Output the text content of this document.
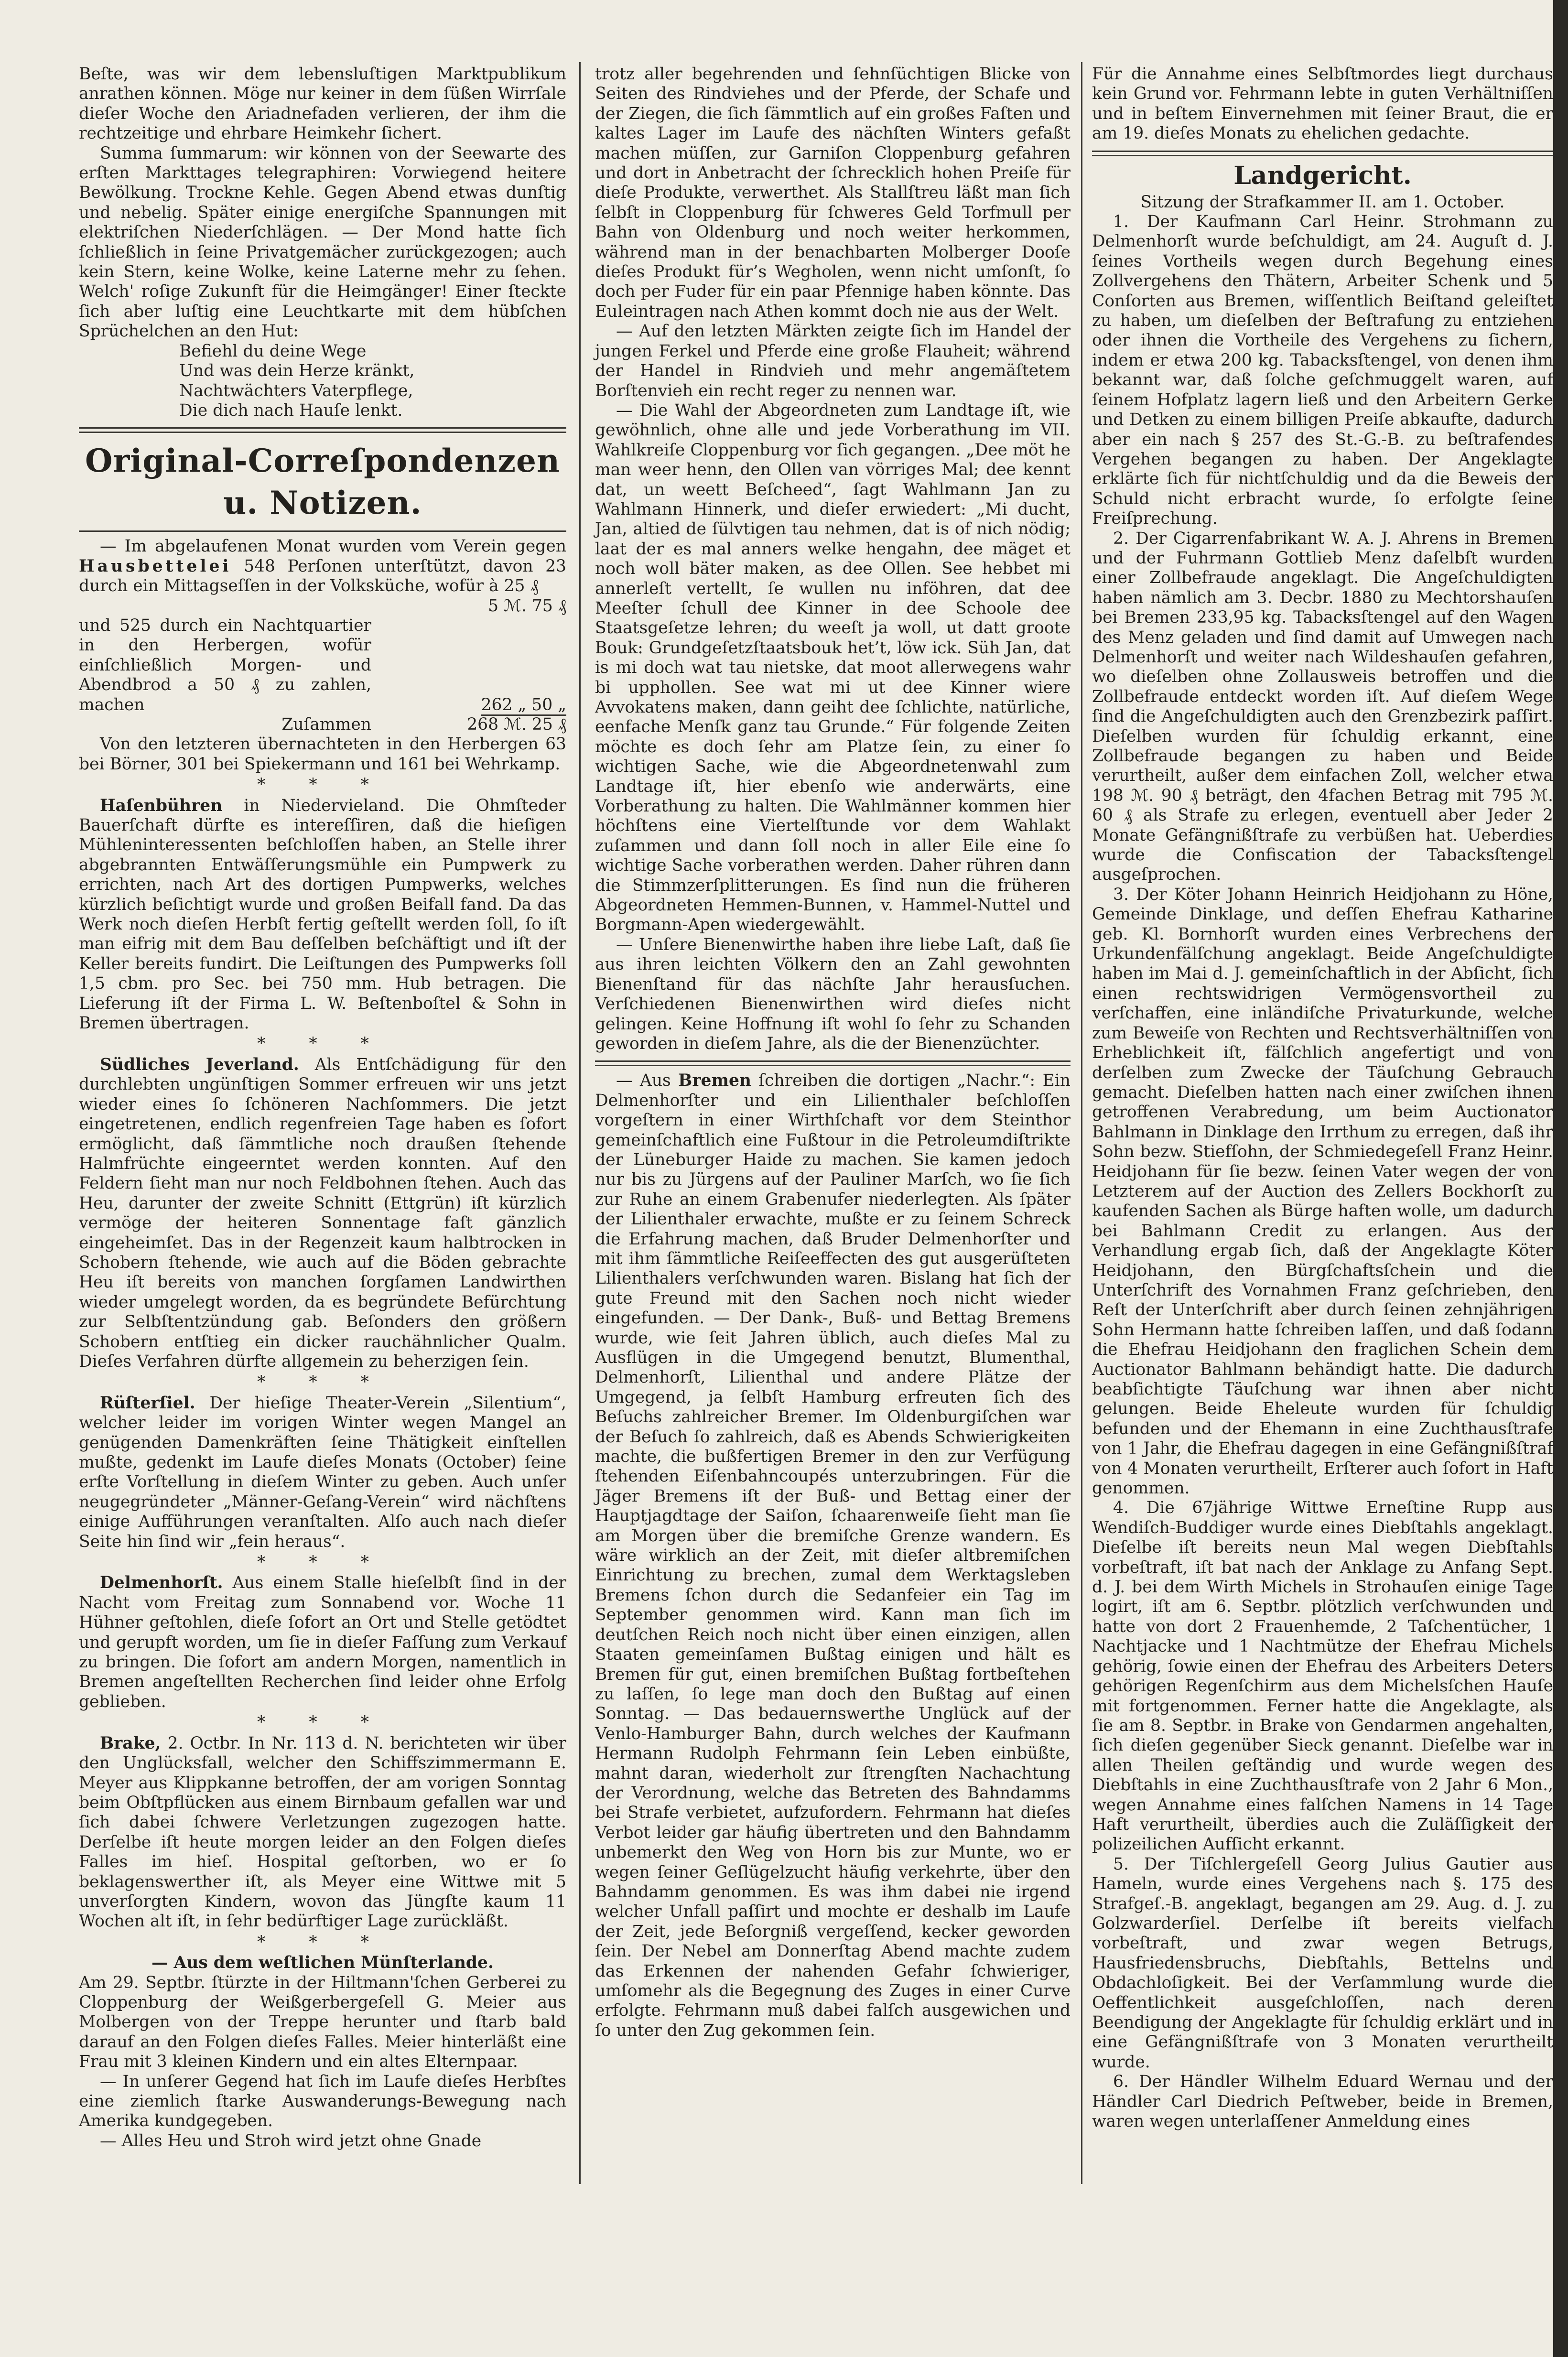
Beſte, was wir dem lebensluſtigen Marktpublikum anrathen können. Möge nur keiner in dem ſüßen Wirrſale dieſer Woche den Ariadnefaden verlieren, der ihm die rechtzeitige und ehrbare Heimkehr ſichert.

Summa ſummarum: wir können von der Seewarte des erſten Markttages telegraphiren: Vorwiegend heitere Bewölkung. Trockne Kehle. Gegen Abend etwas dunſtig und nebelig. Später einige energiſche Spannungen mit elektriſchen Niederſchlägen. — Der Mond hatte ſich ſchließlich in ſeine Privatgemächer zurückgezogen; auch kein Stern, keine Wolke, keine Laterne mehr zu ſehen. Welch' roſige Zukunft für die Heimgänger! Einer ſteckte ſich aber luſtig eine Leuchtkarte mit dem hübſchen Sprüchelchen an den Hut:

Befiehl du deine Wege
Und was dein Herze kränkt,
Nachtwächters Vaterpflege,
Die dich nach Hauſe lenkt.
Original-Correſpondenzen u. Notizen.

— Im abgelaufenen Monat wurden vom Verein gegen Hausbettelei 548 Perſonen unterſtützt, davon 23 durch ein Mittagseſſen in der Volksküche, wofür à 25 ₰

	5 ℳ. 75 ₰
und 525 durch ein Nachtquartier in den Herbergen, wofür einſchließlich Morgen- und Abendbrod a 50 ₰ zu zahlen, machen	262 „ 50 „
Zuſammen	268 ℳ. 25 ₰

Von den letzteren übernachteten in den Herbergen 63 bei Börner, 301 bei Spiekermann und 161 bei Wehrkamp.

* * *

Haſenbühren in Niedervieland. Die Ohmſteder Bauerſchaft dürfte es intereſſiren, daß die hieſigen Mühleninteressenten beſchloſſen haben, an Stelle ihrer abgebrannten Entwäſſerungsmühle ein Pumpwerk zu errichten, nach Art des dortigen Pumpwerks, welches kürzlich beſichtigt wurde und großen Beifall fand. Da das Werk noch dieſen Herbſt fertig geſtellt werden ſoll, ſo iſt man eifrig mit dem Bau deſſelben beſchäftigt und iſt der Keller bereits fundirt. Die Leiſtungen des Pumpwerks ſoll 1,5 cbm. pro Sec. bei 750 mm. Hub betragen. Die Lieferung iſt der Firma L. W. Beſtenboſtel & Sohn in Bremen übertragen.

* * *

Südliches Jeverland. Als Entſchädigung für den durchlebten ungünſtigen Sommer erfreuen wir uns jetzt wieder eines ſo ſchöneren Nachſommers. Die jetzt eingetretenen, endlich regenfreien Tage haben es ſofort ermöglicht, daß ſämmtliche noch draußen ſtehende Halmfrüchte eingeerntet werden konnten. Auf den Feldern ſieht man nur noch Feldbohnen ſtehen. Auch das Heu, darunter der zweite Schnitt (Ettgrün) iſt kürzlich vermöge der heiteren Sonnentage faſt gänzlich eingeheimſet. Das in der Regenzeit kaum halbtrocken in Schobern ſtehende, wie auch auf die Böden gebrachte Heu iſt bereits von manchen ſorgſamen Landwirthen wieder umgelegt worden, da es begründete Befürchtung zur Selbſtentzündung gab. Beſonders den größern Schobern entſtieg ein dicker rauchähnlicher Qualm. Dieſes Verfahren dürfte allgemein zu beherzigen ſein.

* * *

Rüſterſiel. Der hieſige Theater-Verein „Silentium“, welcher leider im vorigen Winter wegen Mangel an genügenden Damenkräften ſeine Thätigkeit einſtellen mußte, gedenkt im Laufe dieſes Monats (October) ſeine erſte Vorſtellung in dieſem Winter zu geben. Auch unſer neugegründeter „Männer-Geſang-Verein“ wird nächſtens einige Aufführungen veranſtalten. Alſo auch nach dieſer Seite hin ſind wir „fein heraus“.

* * *

Delmenhorſt. Aus einem Stalle hieſelbſt ſind in der Nacht vom Freitag zum Sonnabend vor. Woche 11 Hühner geſtohlen, dieſe ſofort an Ort und Stelle getödtet und gerupft worden, um ſie in dieſer Faſſung zum Verkauf zu bringen. Die ſofort am andern Morgen, namentlich in Bremen angeſtellten Recherchen ſind leider ohne Erfolg geblieben.

* * *

Brake, 2. Octbr. In Nr. 113 d. N. berichteten wir über den Unglücksfall, welcher den Schiffszimmermann E. Meyer aus Klippkanne betroffen, der am vorigen Sonntag beim Obſtpflücken aus einem Birnbaum gefallen war und ſich dabei ſchwere Verletzungen zugezogen hatte. Derſelbe iſt heute morgen leider an den Folgen dieſes Falles im hieſ. Hospital geſtorben, wo er ſo beklagenswerther iſt, als Meyer eine Wittwe mit 5 unverſorgten Kindern, wovon das Jüngſte kaum 11 Wochen alt iſt, in ſehr bedürftiger Lage zurückläßt.

* * *
— Aus dem weſtlichen Münſterlande.

Am 29. Septbr. ſtürzte in der Hiltmann'ſchen Gerberei zu Cloppenburg der Weißgerbergeſell G. Meier aus Molbergen von der Treppe herunter und ſtarb bald darauf an den Folgen dieſes Falles. Meier hinterläßt eine Frau mit 3 kleinen Kindern und ein altes Elternpaar.

— In unſerer Gegend hat ſich im Laufe dieſes Herbſtes eine ziemlich ſtarke Auswanderungs-Bewegung nach Amerika kundgegeben.

— Alles Heu und Stroh wird jetzt ohne Gnade

trotz aller begehrenden und ſehnſüchtigen Blicke von Seiten des Rindviehes und der Pferde, der Schafe und der Ziegen, die ſich ſämmtlich auf ein großes Faſten und kaltes Lager im Laufe des nächſten Winters gefaßt machen müſſen, zur Garniſon Cloppenburg gefahren und dort in Anbetracht der ſchrecklich hohen Preiſe für dieſe Produkte, verwerthet. Als Stallſtreu läßt man ſich ſelbſt in Cloppenburg für ſchweres Geld Torfmull per Bahn von Oldenburg und noch weiter herkommen, während man in der benachbarten Molberger Dooſe dieſes Produkt für’s Wegholen, wenn nicht umſonſt, ſo doch per Fuder für ein paar Pfennige haben könnte. Das Euleintragen nach Athen kommt doch nie aus der Welt.

— Auf den letzten Märkten zeigte ſich im Handel der jungen Ferkel und Pferde eine große Flauheit; während der Handel in Rindvieh und mehr angemäſtetem Borſtenvieh ein recht reger zu nennen war.

— Die Wahl der Abgeordneten zum Landtage iſt, wie gewöhnlich, ohne alle und jede Vorberathung im VII. Wahlkreiſe Cloppenburg vor ſich gegangen. „Dee möt he man weer henn, den Ollen van vörriges Mal; dee kennt dat, un weett Beſcheed“, ſagt Wahlmann Jan zu Wahlmann Hinnerk, und dieſer erwiedert: „Mi ducht, Jan, altied de ſülvtigen tau nehmen, dat is of nich nödig; laat der es mal anners welke hengahn, dee mäget et noch woll bäter maken, as dee Ollen. See hebbet mi annerleſt vertellt, ſe wullen nu inföhren, dat dee Meeſter ſchull dee Kinner in dee Schoole dee Staatsgeſetze lehren; du weeſt ja woll, ut datt groote Bouk: Grundgeſetzſtaatsbouk het’t, löw ick. Süh Jan, dat is mi doch wat tau nietske, dat moot allerwegens wahr bi upphollen. See wat mi ut dee Kinner wiere Avvokatens maken, dann geiht dee ſchlichte, natürliche, eenfache Menſk ganz tau Grunde.“ Für folgende Zeiten möchte es doch ſehr am Platze ſein, zu einer ſo wichtigen Sache, wie die Abgeordnetenwahl zum Landtage iſt, hier ebenſo wie anderwärts, eine Vorberathung zu halten. Die Wahlmänner kommen hier höchſtens eine Viertelſtunde vor dem Wahlakt zuſammen und dann ſoll noch in aller Eile eine ſo wichtige Sache vorberathen werden. Daher rühren dann die Stimmzerſplitterungen. Es ſind nun die früheren Abgeordneten Hemmen-Bunnen, v. Hammel-Nuttel und Borgmann-Apen wiedergewählt.

— Unſere Bienenwirthe haben ihre liebe Laſt, daß ſie aus ihren leichten Völkern den an Zahl gewohnten Bienenſtand für das nächſte Jahr herausſuchen. Verſchiedenen Bienenwirthen wird dieſes nicht gelingen. Keine Hoffnung iſt wohl ſo ſehr zu Schanden geworden in dieſem Jahre, als die der Bienenzüchter.

— Aus Bremen ſchreiben die dortigen „Nachr.“: Ein Delmenhorſter und ein Lilienthaler beſchloſſen vorgeſtern in einer Wirthſchaft vor dem Steinthor gemeinſchaftlich eine Fußtour in die Petroleumdiſtrikte der Lüneburger Haide zu machen. Sie kamen jedoch nur bis zu Jürgens auf der Pauliner Marſch, wo ſie ſich zur Ruhe an einem Grabenufer niederlegten. Als ſpäter der Lilienthaler erwachte, mußte er zu ſeinem Schreck die Erfahrung machen, daß Bruder Delmenhorſter und mit ihm ſämmtliche Reiſeeffecten des gut ausgerüſteten Lilienthalers verſchwunden waren. Bislang hat ſich der gute Freund mit den Sachen noch nicht wieder eingefunden. — Der Dank-, Buß- und Bettag Bremens wurde, wie ſeit Jahren üblich, auch dieſes Mal zu Ausflügen in die Umgegend benutzt, Blumenthal, Delmenhorſt, Lilienthal und andere Plätze der Umgegend, ja ſelbſt Hamburg erfreuten ſich des Beſuchs zahlreicher Bremer. Im Oldenburgiſchen war der Beſuch ſo zahlreich, daß es Abends Schwierigkeiten machte, die bußfertigen Bremer in den zur Verfügung ſtehenden Eiſenbahncoupés unterzubringen. Für die Jäger Bremens iſt der Buß- und Bettag einer der Hauptjagdtage der Saiſon, ſchaarenweiſe ſieht man ſie am Morgen über die bremiſche Grenze wandern. Es wäre wirklich an der Zeit, mit dieſer altbremiſchen Einrichtung zu brechen, zumal dem Werktagsleben Bremens ſchon durch die Sedanfeier ein Tag im September genommen wird. Kann man ſich im deutſchen Reich noch nicht über einen einzigen, allen Staaten gemeinſamen Bußtag einigen und hält es Bremen für gut, einen bremiſchen Bußtag fortbeſtehen zu laſſen, ſo lege man doch den Bußtag auf einen Sonntag. — Das bedauernswerthe Unglück auf der Venlo-Hamburger Bahn, durch welches der Kaufmann Hermann Rudolph Fehrmann ſein Leben einbüßte, mahnt daran, wiederholt zur ſtrengſten Nachachtung der Verordnung, welche das Betreten des Bahndamms bei Strafe verbietet, aufzufordern. Fehrmann hat dieſes Verbot leider gar häufig übertreten und den Bahndamm unbemerkt den Weg von Horn bis zur Munte, wo er wegen ſeiner Geſlügelzucht häufig verkehrte, über den Bahndamm genommen. Es was ihm dabei nie irgend welcher Unfall paſſirt und mochte er deshalb im Laufe der Zeit, jede Beſorgniß vergeſſend, kecker geworden ſein. Der Nebel am Donnerſtag Abend machte zudem das Erkennen der nahenden Gefahr ſchwieriger, umſomehr als die Begegnung des Zuges in einer Curve erfolgte. Fehrmann muß dabei falſch ausgewichen und ſo unter den Zug gekommen ſein.

Für die Annahme eines Selbſtmordes liegt durchaus kein Grund vor. Fehrmann lebte in guten Verhältniſſen und in beſtem Einvernehmen mit ſeiner Braut, die er am 19. dieſes Monats zu ehelichen gedachte.

Landgericht.
Sitzung der Strafkammer II. am 1. October.

1. Der Kaufmann Carl Heinr. Strohmann zu Delmenhorſt wurde beſchuldigt, am 24. Auguſt d. J. ſeines Vortheils wegen durch Begehung eines Zollvergehens den Thätern, Arbeiter Schenk und 5 Conſorten aus Bremen, wiſſentlich Beiſtand geleiſtet zu haben, um dieſelben der Beſtrafung zu entziehen oder ihnen die Vortheile des Vergehens zu ſichern, indem er etwa 200 kg. Tabacksſtengel, von denen ihm bekannt war, daß ſolche geſchmuggelt waren, auf ſeinem Hofplatz lagern ließ und den Arbeitern Gerke und Detken zu einem billigen Preiſe abkaufte, dadurch aber ein nach § 257 des St.-G.-B. zu beſtrafendes Vergehen begangen zu haben. Der Angeklagte erklärte ſich für nichtſchuldig und da die Beweis der Schuld nicht erbracht wurde, ſo erfolgte ſeine Freiſprechung.

2. Der Cigarrenfabrikant W. A. J. Ahrens in Bremen und der Fuhrmann Gottlieb Menz daſelbſt wurden einer Zollbefraude angeklagt. Die Angeſchuldigten haben nämlich am 3. Decbr. 1880 zu Mechtorshauſen bei Bremen 233,95 kg. Tabacksſtengel auf den Wagen des Menz geladen und ſind damit auf Umwegen nach Delmenhorſt und weiter nach Wildeshauſen gefahren, wo dieſelben ohne Zollausweis betroffen und die Zollbefraude entdeckt worden iſt. Auf dieſem Wege ſind die Angeſchuldigten auch den Grenzbezirk paſſirt. Dieſelben wurden für ſchuldig erkannt, eine Zollbefraude begangen zu haben und Beide verurtheilt, außer dem einfachen Zoll, welcher etwa 198 ℳ. 90 ₰ beträgt, den 4fachen Betrag mit 795 ℳ. 60 ₰ als Strafe zu erlegen, eventuell aber Jeder 2 Monate Gefängnißſtrafe zu verbüßen hat. Ueberdies wurde die Confiscation der Tabacksſtengel ausgeſprochen.

3. Der Köter Johann Heinrich Heidjohann zu Höne, Gemeinde Dinklage, und deſſen Ehefrau Katharine geb. Kl. Bornhorſt wurden eines Verbrechens der Urkundenfälſchung angeklagt. Beide Angeſchuldigte haben im Mai d. J. gemeinſchaftlich in der Abſicht, ſich einen rechtswidrigen Vermögensvortheil zu verſchaffen, eine inländiſche Privaturkunde, welche zum Beweiſe von Rechten und Rechtsverhältniſſen von Erheblichkeit iſt, fälſchlich angefertigt und von derſelben zum Zwecke der Täuſchung Gebrauch gemacht. Dieſelben hatten nach einer zwiſchen ihnen getroffenen Verabredung, um beim Auctionator Bahlmann in Dinklage den Irrthum zu erregen, daß ihr Sohn bezw. Stiefſohn, der Schmiedegeſell Franz Heinr. Heidjohann für ſie bezw. ſeinen Vater wegen der von Letzterem auf der Auction des Zellers Bockhorſt zu kaufenden Sachen als Bürge haften wolle, um dadurch bei Bahlmann Credit zu erlangen. Aus der Verhandlung ergab ſich, daß der Angeklagte Köter Heidjohann, den Bürgſchaftsſchein und die Unterſchrift des Vornahmen Franz geſchrieben, den Reſt der Unterſchrift aber durch ſeinen zehnjährigen Sohn Hermann hatte ſchreiben laſſen, und daß ſodann die Ehefrau Heidjohann den fraglichen Schein dem Auctionator Bahlmann behändigt hatte. Die dadurch beabſichtigte Täuſchung war ihnen aber nicht gelungen. Beide Eheleute wurden für ſchuldig befunden und der Ehemann in eine Zuchthausſtrafe von 1 Jahr, die Ehefrau dagegen in eine Gefängnißſtraf von 4 Monaten verurtheilt, Erſterer auch ſofort in Haft genommen.

4. Die 67jährige Wittwe Erneſtine Rupp aus Wendiſch-Buddiger wurde eines Diebſtahls angeklagt. Dieſelbe iſt bereits neun Mal wegen Diebſtahls vorbeſtraft, iſt bat nach der Anklage zu Anfang Sept. d. J. bei dem Wirth Michels in Strohauſen einige Tage logirt, iſt am 6. Septbr. plötzlich verſchwunden und hatte von dort 2 Frauenhemde, 2 Taſchentücher, 1 Nachtjacke und 1 Nachtmütze der Ehefrau Michels gehörig, ſowie einen der Ehefrau des Arbeiters Deters gehörigen Regenſchirm aus dem Michelsſchen Hauſe mit fortgenommen. Ferner hatte die Angeklagte, als ſie am 8. Septbr. in Brake von Gendarmen angehalten, ſich dieſen gegenüber Sieck genannt. Dieſelbe war in allen Theilen geſtändig und wurde wegen des Diebſtahls in eine Zuchthausſtrafe von 2 Jahr 6 Mon., wegen Annahme eines falſchen Namens in 14 Tage Haft verurtheilt, überdies auch die Zuläſſigkeit der polizeilichen Aufſicht erkannt.

5. Der Tiſchlergeſell Georg Julius Gautier aus Hameln, wurde eines Vergehens nach §. 175 des Strafgeſ.-B. angeklagt, begangen am 29. Aug. d. J. zu Golzwarderſiel. Derſelbe iſt bereits vielfach vorbeſtraft, und zwar wegen Betrugs, Hausfriedensbruchs, Diebſtahls, Bettelns und Obdachloſigkeit. Bei der Verſammlung wurde die Oeffentlichkeit ausgeſchloſſen, nach deren Beendigung der Angeklagte für ſchuldig erklärt und in eine Gefängnißſtrafe von 3 Monaten verurtheilt wurde.

6. Der Händler Wilhelm Eduard Wernau und der Händler Carl Diedrich Peſtweber, beide in Bremen, waren wegen unterlaſſener Anmeldung eines
